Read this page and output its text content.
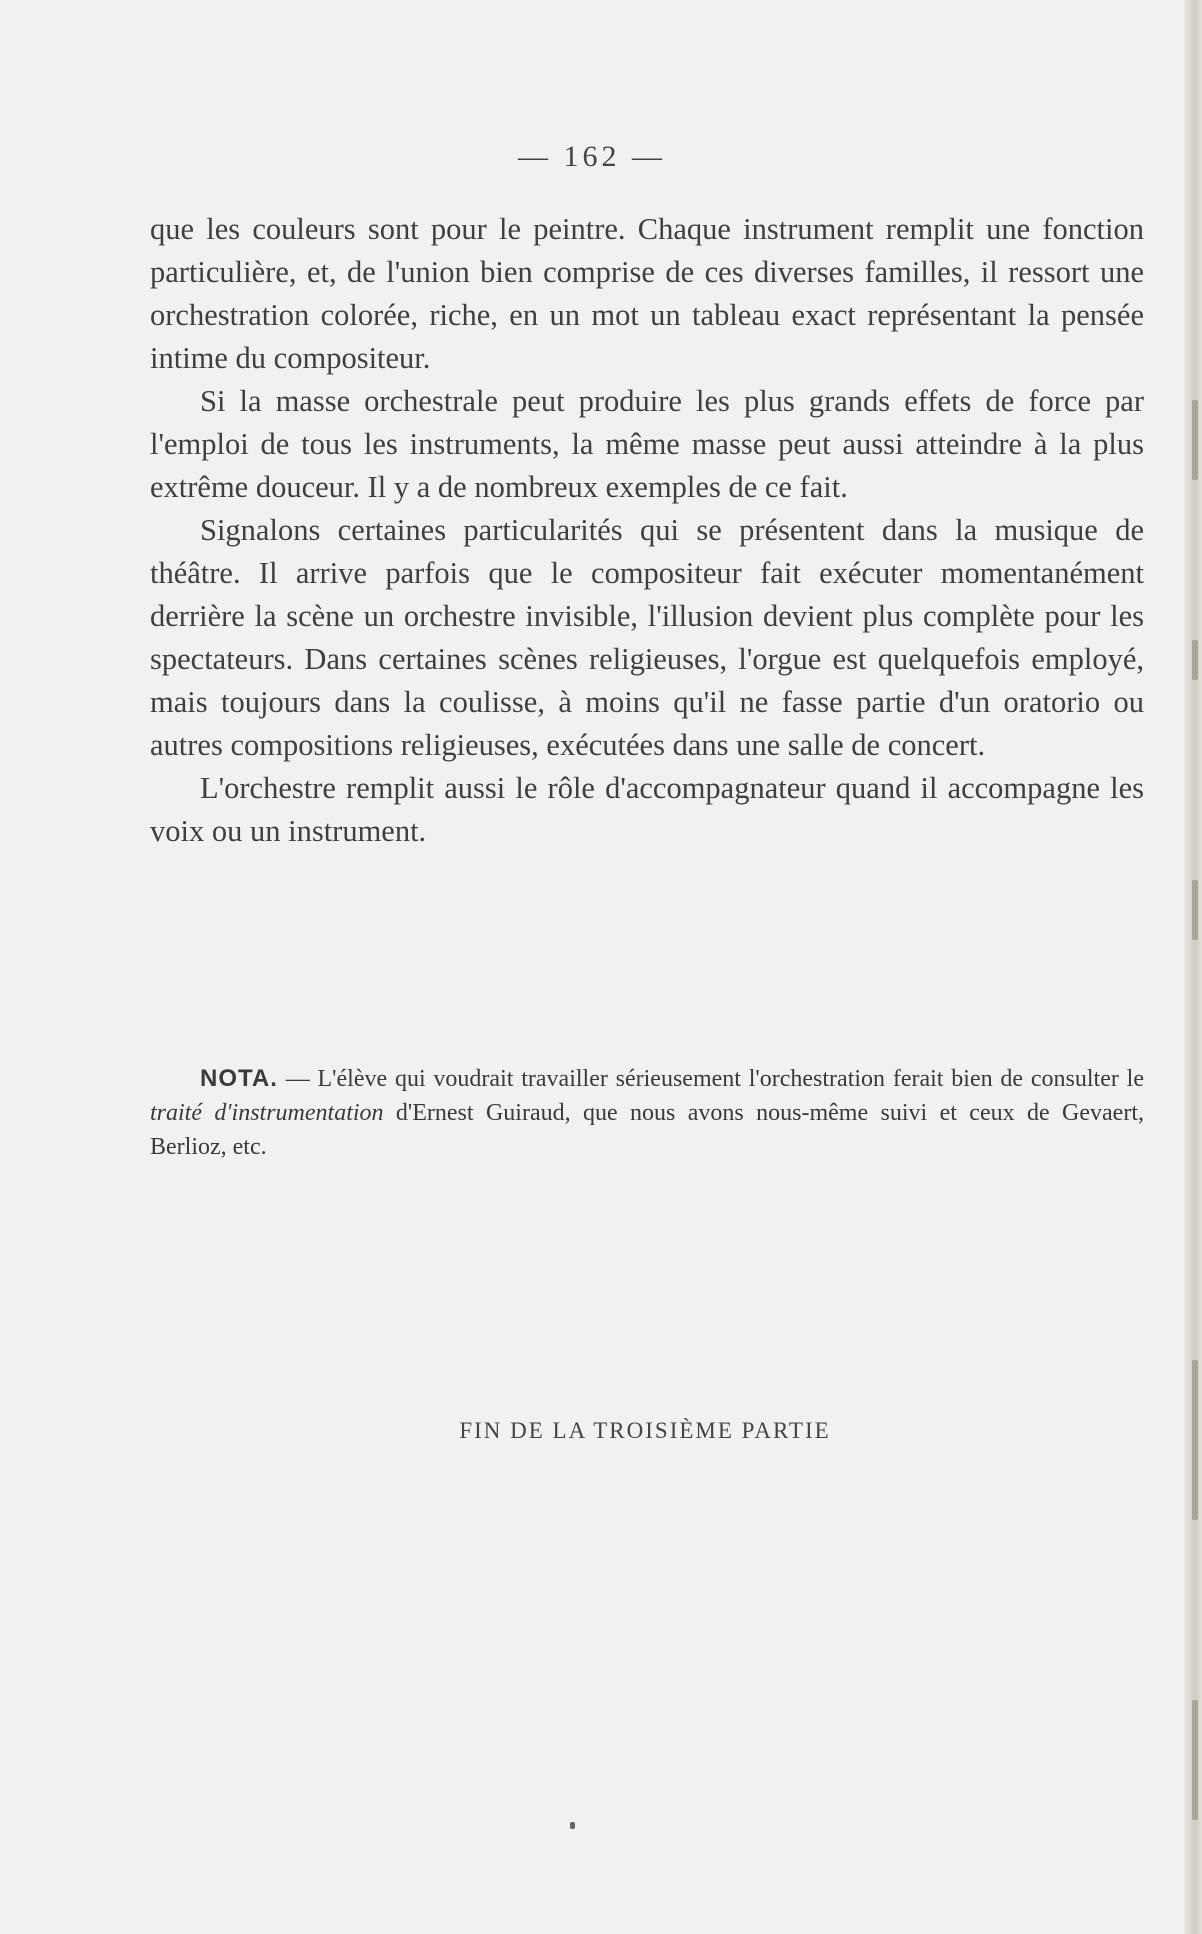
— 162 —

que les couleurs sont pour le peintre. Chaque instrument remplit une fonction particulière, et, de l'union bien comprise de ces diverses familles, il ressort une orchestration colorée, riche, en un mot un tableau exact représentant la pensée intime du compositeur.

Si la masse orchestrale peut produire les plus grands effets de force par l'emploi de tous les instruments, la même masse peut aussi atteindre à la plus extrême douceur. Il y a de nombreux exemples de ce fait.

Signalons certaines particularités qui se présentent dans la musique de théâtre. Il arrive parfois que le compositeur fait exécuter momentanément derrière la scène un orchestre invisible, l'illusion devient plus complète pour les spectateurs. Dans certaines scènes religieuses, l'orgue est quelquefois employé, mais toujours dans la coulisse, à moins qu'il ne fasse partie d'un oratorio ou autres compositions religieuses, exécutées dans une salle de concert.

L'orchestre remplit aussi le rôle d'accompagnateur quand il accompagne les voix ou un instrument.

NOTA. — L'élève qui voudrait travailler sérieusement l'orchestration ferait bien de consulter le traité d'instrumentation d'Ernest Guiraud, que nous avons nous-même suivi et ceux de Gevaert, Berlioz, etc.
FIN DE LA TROISIÈME PARTIE
